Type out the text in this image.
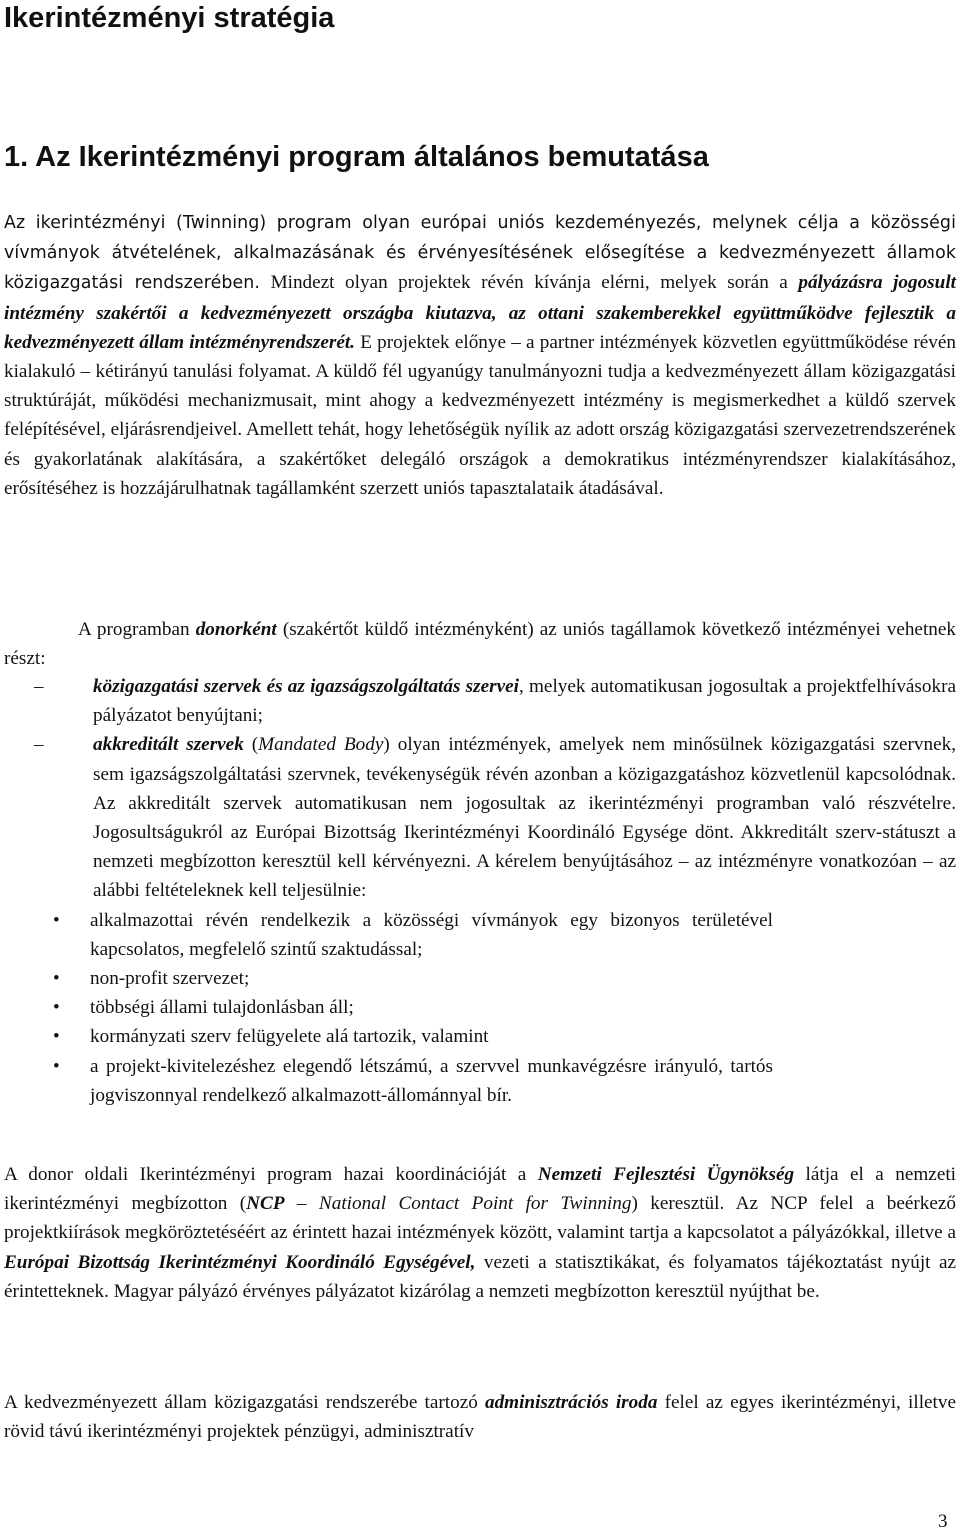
Ikerintézményi stratégia
1. Az Ikerintézményi program általános bemutatása

Az ikerintézményi (Twinning) program olyan európai uniós kezdeményezés, melynek célja a közösségi vívmányok átvételének, alkalmazásának és érvényesítésének elősegítése a kedvezményezett államok közigazgatási rendszerében. Mindezt olyan projektek révén kívánja elérni, melyek során a pályázásra jogosult intézmény szakértői a kedvezményezett országba kiutazva, az ottani szakemberekkel együttműködve fejlesztik a kedvezményezett állam intézményrendszerét. E projektek előnye – a partner intézmények közvetlen együttműködése révén kialakuló – kétirányú tanulási folyamat. A küldő fél ugyanúgy tanulmányozni tudja a kedvezményezett állam közigazgatási struktúráját, működési mechanizmusait, mint ahogy a kedvezményezett intézmény is megismerkedhet a küldő szervek felépítésével, eljárásrendjeivel. Amellett tehát, hogy lehetőségük nyílik az adott ország közigazgatási szervezetrendszerének és gyakorlatának alakítására, a szakértőket delegáló országok a demokratikus intézményrendszer kialakításához, erősítéséhez is hozzájárulhatnak tagállamként szerzett uniós tapasztalataik átadásával.

A programban donorként (szakértőt küldő intézményként) az uniós tagállamok következő intézményei vehetnek részt:

–	közigazgatási szervek és az igazságszolgáltatás szervei, melyek automatikusan jogosultak a projektfelhívásokra pályázatot benyújtani;
–	akkreditált szervek (Mandated Body) olyan intézmények, amelyek nem minősülnek közigazgatási szervnek, sem igazságszolgáltatási szervnek, tevékenységük révén azonban a közigazgatáshoz közvetlenül kapcsolódnak. Az akkreditált szervek automatikusan nem jogosultak az ikerintézményi programban való részvételre. Jogosultságukról az Európai Bizottság Ikerintézményi Koordináló Egysége dönt. Akkreditált szerv-státuszt a nemzeti megbízotton keresztül kell kérvényezni. A kérelem benyújtásához – az intézményre vonatkozóan – az alábbi feltételeknek kell teljesülnie:
• alkalmazottai révén rendelkezik a közösségi vívmányok egy bizonyos területével kapcsolatos, megfelelő szintű szaktudással;
• non-profit szervezet;
• többségi állami tulajdonlásban áll;
• kormányzati szerv felügyelete alá tartozik, valamint
• a projekt-kivitelezéshez elegendő létszámú, a szervvel munkavégzésre irányuló, tartós jogviszonnyal rendelkező alkalmazott-állománnyal bír.

A donor oldali Ikerintézményi program hazai koordinációját a Nemzeti Fejlesztési Ügynökség látja el a nemzeti ikerintézményi megbízotton (NCP – National Contact Point for Twinning) keresztül. Az NCP felel a beérkező projektkiírások megköröztetéséért az érintett hazai intézmények között, valamint tartja a kapcsolatot a pályázókkal, illetve a Európai Bizottság Ikerintézményi Koordináló Egységével, vezeti a statisztikákat, és folyamatos tájékoztatást nyújt az érintetteknek. Magyar pályázó érvényes pályázatot kizárólag a nemzeti megbízotton keresztül nyújthat be.

A kedvezményezett állam közigazgatási rendszerébe tartozó adminisztrációs iroda felel az egyes ikerintézményi, illetve rövid távú ikerintézményi projektek pénzügyi, adminisztratív

3
